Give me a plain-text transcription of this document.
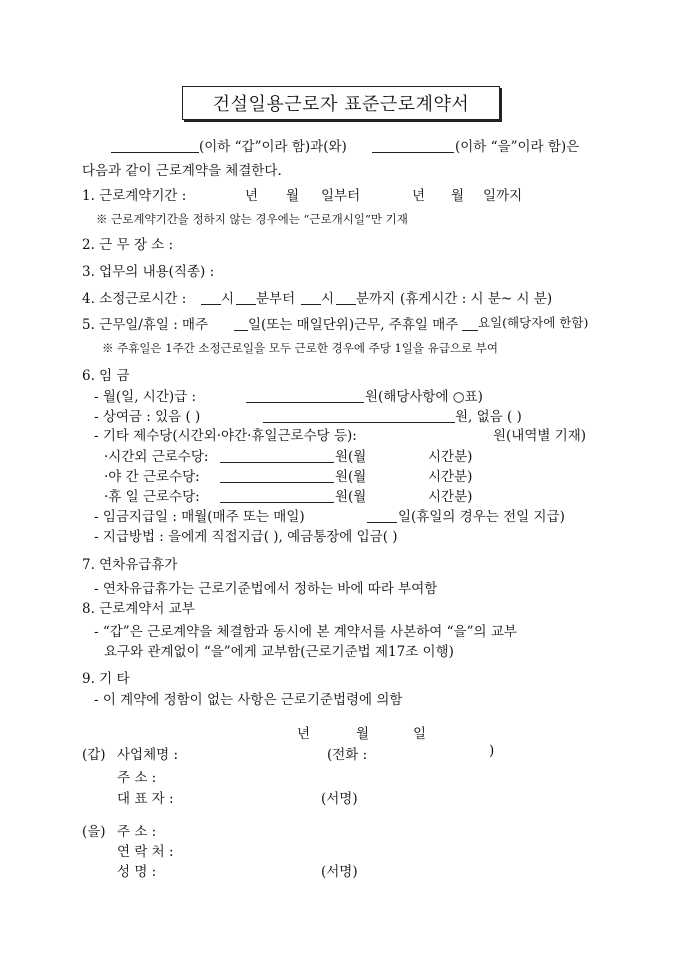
건설일용근로자 표준근로계약서
(이하 “갑”이라 함)과(와)	(이하 “을”이라 함)은
다음과 같이 근로계약을 체결한다.
1. 근로계약기간 :	년 월 일부터	년 월 일까지
※ 근로계약기간을 정하지 않는 경우에는 “근로개시일”만 기재
2. 근 무 장 소 :
3. 업무의 내용(직종) :
4. 소정근로시간 :	시 분부터 시 분까지 (휴게시간 : 시 분~ 시 분)
5. 근무일/휴일 : 매주	일(또는 매일단위)근무, 주휴일 매주 요일(해당자에 한함)
※ 주휴일은 1주간 소정근로일을 모두 근로한 경우에 주당 1일을 유급으로 부여
6. 임 금
- 월(일, 시간)급 :	원(해당사항에 ○표)
- 상여금 : 있음 ( )	원, 없음 ( )
- 기타 제수당(시간외·야간·휴일근로수당 등):	원(내역별 기재)
·시간외 근로수당:	원(월	시간분)
·야 간 근로수당:	원(월	시간분)
·휴 일 근로수당:	원(월	시간분)
- 임금지급일 : 매월(매주 또는 매일)	일(휴일의 경우는 전일 지급)
- 지급방법 : 을에게 직접지급( ), 예금통장에 입금( )
7. 연차유급휴가
- 연차유급휴가는 근로기준법에서 정하는 바에 따라 부여함
8. 근로계약서 교부
- “갑”은 근로계약을 체결함과 동시에 본 계약서를 사본하여 “을”의 교부
요구와 관계없이 “을”에게 교부함(근로기준법 제17조 이행)
9. 기 타
- 이 계약에 정함이 없는 사항은 근로기준법령에 의함
년	월	일
(갑) 사업체명 :	(전화 :	)
주 소 :
대 표 자 :	(서명)
(을) 주 소 :
연 락 처 :
성 명 :	(서명)
